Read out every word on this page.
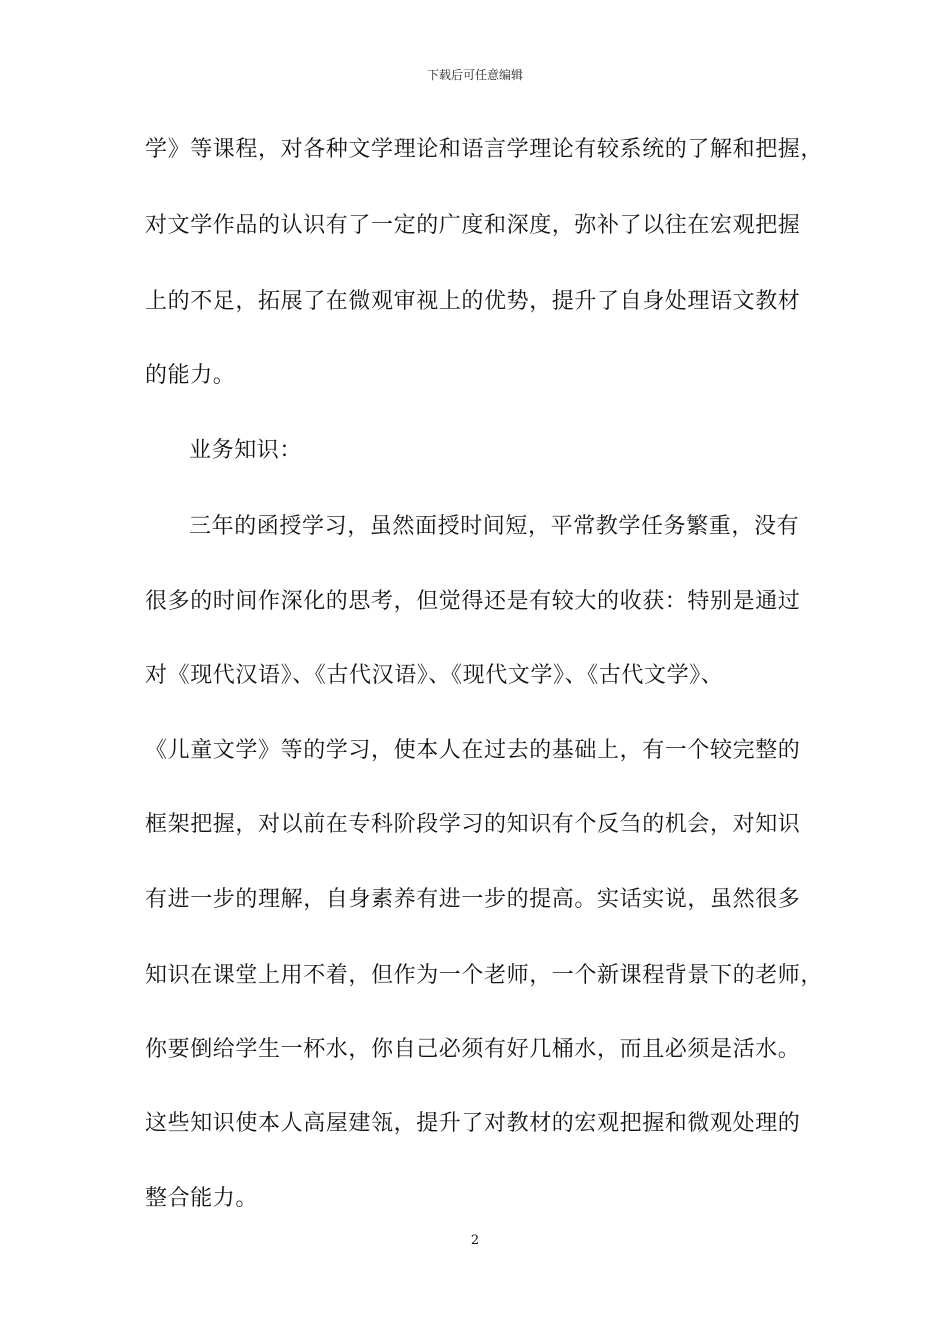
下载后可任意编辑
学》等课程，对各种文学理论和语言学理论有较系统的了解和把握，
对文学作品的认识有了一定的广度和深度，弥补了以往在宏观把握
上的不足，拓展了在微观审视上的优势，提升了自身处理语文教材
的能力。
业务知识：
三年的函授学习，虽然面授时间短，平常教学任务繁重，没有
很多的时间作深化的思考，但觉得还是有较大的收获：特别是通过
对《现代汉语》、《古代汉语》、《现代文学》、《古代文学》、
《儿童文学》等的学习，使本人在过去的基础上，有一个较完整的
框架把握，对以前在专科阶段学习的知识有个反刍的机会，对知识
有进一步的理解，自身素养有进一步的提高。实话实说，虽然很多
知识在课堂上用不着，但作为一个老师，一个新课程背景下的老师，
你要倒给学生一杯水，你自己必须有好几桶水，而且必须是活水。
这些知识使本人高屋建瓴，提升了对教材的宏观把握和微观处理的
整合能力。
2
